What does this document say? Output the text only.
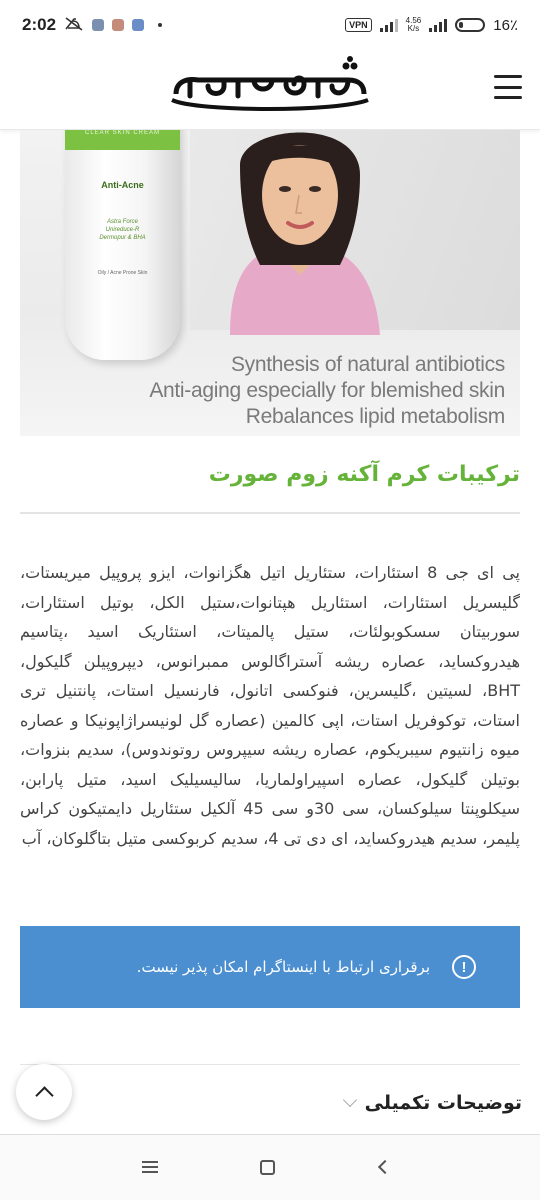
2:02	VPN	4.56
K/s	16٪
CLEAR SKIN CREAM
Anti-Acne
Astra Force
Unireduce-R
Dermopur & BHA
Oily / Acne Prone Skin
Synthesis of natural antibiotics
Anti-aging especially for blemished skin
Rebalances lipid metabolism
ترکیبات کرم آکنه زوم صورت

پی ای جی 8 استئارات، ستئاریل اتیل هگزانوات، ایزو پروپیل میریستات، گلیسریل استئارات، استئاریل هپتانوات،ستیل الکل، بوتیل استئارات، سوربیتان سسکوبولئات، ستیل پالمیتات، استئاریک اسید ،پتاسیم هیدروکساید، عصاره ریشه آستراگالوس ممبرانوس، دیپروپیلن گلیکول، BHT، لسیتین ،گلیسرین، فنوکسی اتانول، فارنسیل استات، پانتنیل تری استات، توکوفریل استات، اپی کالمین (عصاره گل لونیسراژاپونیکا و عصاره میوه زانتیوم سیبریکوم، عصاره ریشه سیپروس روتوندوس)، سدیم بنزوات، بوتیلن گلیکول، عصاره اسپیراولماریا، سالیسیلیک اسید، متیل پارابن، سیکلوپنتا سیلوکسان، سی 30و سی 45 آلکیل ستئاریل دایمتیکون کراس پلیمر، سدیم هیدروکساید، ای دی تی 4، سدیم کربوکسی متیل بتاگلوکان، آب

!
برقراری ارتباط با اینستاگرام امکان پذیر نیست.
توضیحات تکمیلی
